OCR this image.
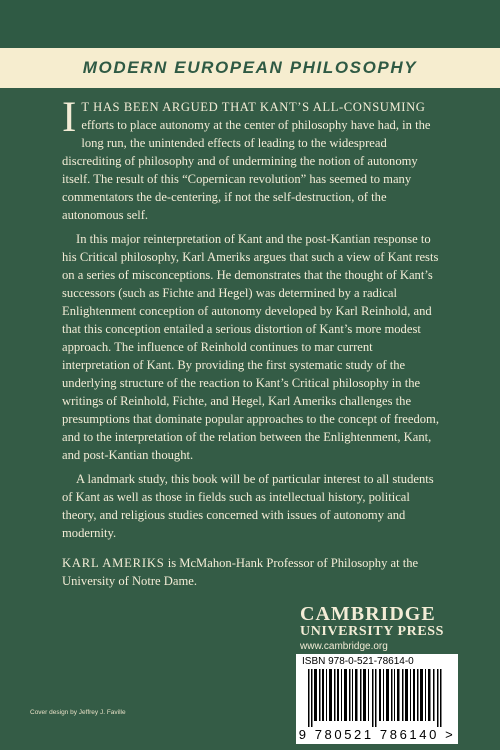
MODERN EUROPEAN PHILOSOPHY

I T HAS BEEN ARGUED THAT KANT’S ALL-CONSUMING efforts to place autonomy at the center of philosophy have had, in the long run, the unintended effects of leading to the widespread discrediting of philosophy and of undermining the notion of autonomy itself. The result of this “Copernican revolution” has seemed to many commentators the de-centering, if not the self-destruction, of the autonomous self.

In this major reinterpretation of Kant and the post-Kantian response to his Critical philosophy, Karl Ameriks argues that such a view of Kant rests on a series of misconceptions. He demonstrates that the thought of Kant’s successors (such as Fichte and Hegel) was determined by a radical Enlightenment conception of autonomy developed by Karl Reinhold, and that this conception entailed a serious distortion of Kant’s more modest approach. The influence of Reinhold continues to mar current interpretation of Kant. By providing the first systematic study of the underlying structure of the reaction to Kant’s Critical philosophy in the writings of Reinhold, Fichte, and Hegel, Karl Ameriks challenges the presumptions that dominate popular approaches to the concept of freedom, and to the interpretation of the relation between the Enlightenment, Kant, and post-Kantian thought.

A landmark study, this book will be of particular interest to all students of Kant as well as those in fields such as intellectual history, political theory, and religious studies concerned with issues of autonomy and modernity.

KARL AMERIKS is McMahon-Hank Professor of Philosophy at the University of Notre Dame.

CAMBRIDGE
UNIVERSITY PRESS
www.cambridge.org
ISBN 978-0-521-78614-0
9 780521 786140 >
Cover design by Jeffrey J. Faville
